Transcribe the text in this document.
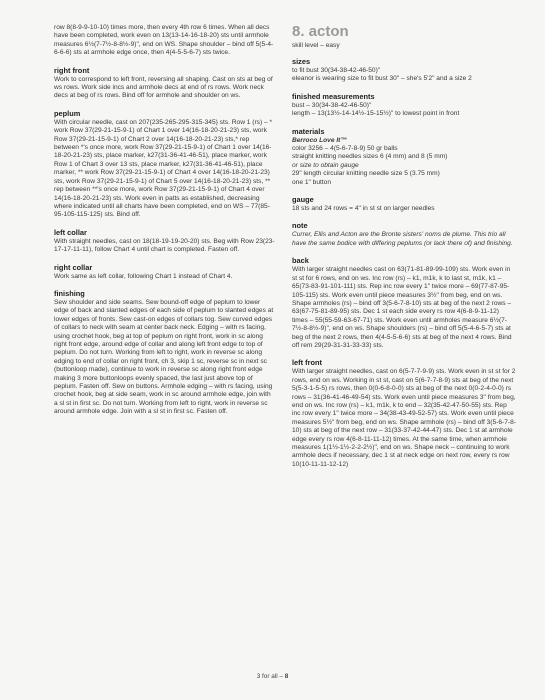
row 8(8-9-9-10-10) times more, then every 4th row 6 times. When all decs have been completed, work even on 13(13-14-16-18-20) sts until armhole measures 6½(7-7½-8-8½-9)", end on WS. Shape shoulder – bind off 5(5-4-6-6-6) sts at armhole edge once, then 4(4-5-5-6-7) sts twice.

right front

Work to correspond to left front, reversing all shaping. Cast on sts at beg of ws rows. Work side incs and armhole decs at end of rs rows. Work neck decs at beg of rs rows. Bind off for armhole and shoulder on ws.

peplum

With circular needle, cast on 207(235-265-295-315-345) sts. Row 1 (rs) – * work Row 37(29-21-15-9-1) of Chart 1 over 14(16-18-20-21-23) sts, work Row 37(29-21-15-9-1) of Chart 2 over 14(16-18-20-21-23) sts,* rep between *'s once more, work Row 37(29-21-15-9-1) of Chart 1 over 14(16-18-20-21-23) sts, place marker, k27(31-36-41-46-51), place marker, work Row 1 of Chart 3 over 13 sts, place marker, k27(31-36-41-46-51), place marker, ** work Row 37(29-21-15-9-1) of Chart 4 over 14(16-18-20-21-23) sts, work Row 37(29-21-15-9-1) of Chart 5 over 14(16-18-20-21-23) sts, ** rep between **'s once more, work Row 37(29-21-15-9-1) of Chart 4 over 14(16-18-20-21-23) sts. Work even in patts as established, decreasing where indicated until all charts have been completed, end on WS – 77(85-95-105-115-125) sts. Bind off.

left collar

With straight needles, cast on 18(18-19-19-20-20) sts. Beg with Row 23(23-17-17-11-11), follow Chart 4 until chart is completed. Fasten off.

right collar

Work same as left collar, following Chart 1 instead of Chart 4.

finishing

Sew shoulder and side seams. Sew bound-off edge of peplum to lower edge of back and slanted edges of each side of peplum to slanted edges at lower edges of fronts. Sew cast-on edges of collars tog. Sew curved edges of collars to neck with seam at center back neck. Edging – with rs facing, using crochet hook, beg at top of peplum on right front, work in sc along right front edge, around edge of collar and along left front edge to top of peplum. Do not turn. Working from left to right, work in reverse sc along edging to end of collar on right front, ch 3, skip 1 sc, reverse sc in next sc (buttonloop made), continue to work in reverse sc along right front edge making 3 more buttonloops evenly spaced, the last just above top of peplum. Fasten off. Sew on buttons. Armhole edging – with rs facing, using crochet hook, beg at side seam, work in sc around armhole edge, join with a sl st in first sc. Do not turn. Working from left to right, work in reverse sc around armhole edge. Join with a sl st in first sc. Fasten off.

8. acton
skill level – easy
sizes

to fit bust 30(34-38-42-46-50)"

eleanor is wearing size to fit bust 30" – she's 5'2" and a size 2

finished measurements

bust – 30(34-38-42-46-50)"

length – 13(13½-14-14½-15-15½)" to lowest point in front

materials

Berroco Love It™

color 3256 – 4(5-6-7-8-9) 50 gr balls

straight knitting needles sizes 6 (4 mm) and 8 (5 mm)

or size to obtain gauge

29" length circular knitting needle size 5 (3.75 mm)

one 1" button

gauge

18 sts and 24 rows = 4" in st st on larger needles

note

Currer, Ellis and Acton are the Bronte sisters' noms de plume. This trio all have the same bodice with differing peplums (or lack there of) and finishing.

back

With larger straight needles cast on 63(71-81-89-99-109) sts. Work even in st st for 6 rows, end on ws. Inc row (rs) – k1, m1k, k to last st, m1k, k1 – 65(73-83-91-101-111) sts. Rep inc row every 1" twice more – 69(77-87-95-105-115) sts. Work even until piece measures 3½" from beg, end on ws. Shape armholes (rs) – bind off 3(5-6-7-8-10) sts at beg of the next 2 rows – 63(67-75-81-89-95) sts. Dec 1 st each side every rs row 4(6-8-9-11-12) times – 55(55-59-63-67-71) sts. Work even until armholes measure 6½(7-7½-8-8½-9)", end on ws. Shape shoulders (rs) – bind off 5(5-4-6-5-7) sts at beg of the next 2 rows, then 4(4-5-5-6-6) sts at beg of the next 4 rows. Bind off rem 29(29-31-31-33-33) sts.

left front

With larger straight needles, cast on 6(5-7-7-9-9) sts. Work even in st st for 2 rows, end on ws. Working in st st, cast on 5(6-7-7-8-9) sts at beg of the next 5(5-3-1-5-5) rs rows, then 0(0-6-8-0-0) sts at beg of the next 0(0-2-4-0-0) rs rows – 31(36-41-46-49-54) sts. Work even until piece measures 3" from beg, end on ws. Inc row (rs) – k1, m1k, k to end – 32(35-42-47-50-55) sts. Rep inc row every 1" twice more – 34(38-43-49-52-57) sts. Work even until piece measures 5½" from beg, end on ws. Shape armhole (rs) – bind off 3(5-6-7-8-10) sts at beg of the next row – 31(33-37-42-44-47) sts. Dec 1 st at armhole edge every rs row 4(6-8-11-11-12) times. At the same time, when armhole measures 1(1½-1½-2-2-2½)", end on ws. Shape neck – continuing to work armhole decs if necessary, dec 1 st at neck edge on next row, every rs row 10(10-11-11-12-12)

3 for all – 8
